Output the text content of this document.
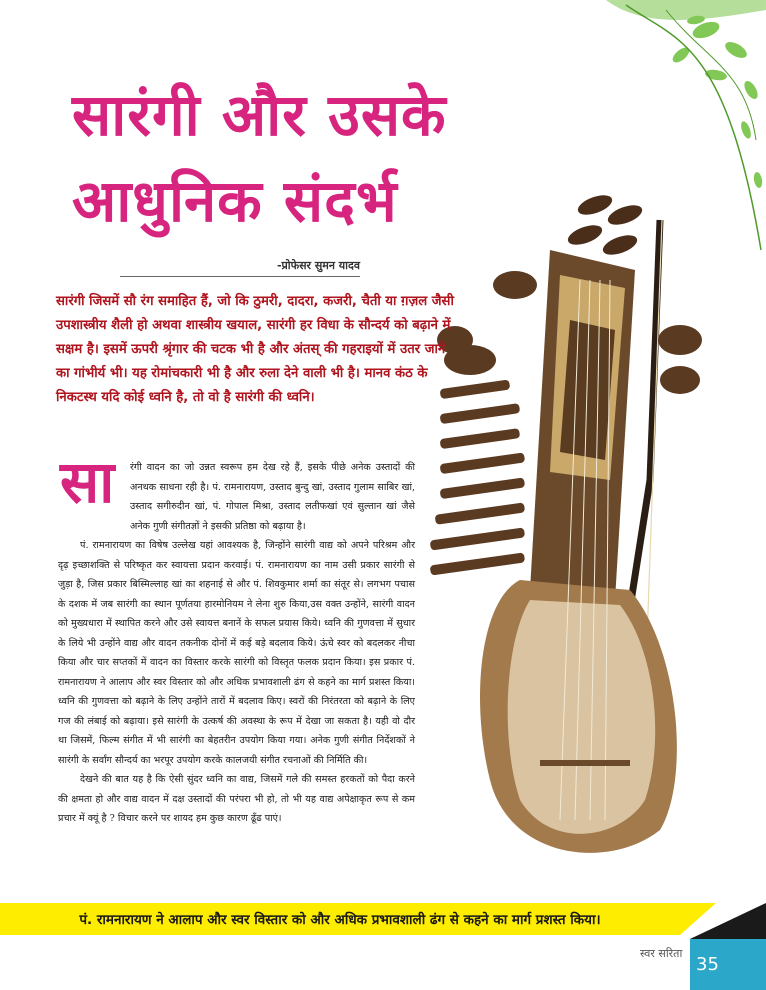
सारंगी और उसके
आधुनिक संदर्भ
-प्रोफेसर सुमन यादव
सारंगी जिसमें सौ रंग समाहित हैं, जो कि ठुमरी, दादरा, कजरी, चैती या ग़ज़ल जैसी उपशास्त्रीय शैली हो अथवा शास्त्रीय खयाल, सारंगी हर विधा के सौन्दर्य को बढ़ाने में सक्षम है। इसमें ऊपरी श्रृंगार की चटक भी है और अंतस् की गहराइयों में उतर जाने का गांभीर्य भी। यह रोमांचकारी भी है और रुला देने वाली भी है। मानव कंठ के निकटस्थ यदि कोई ध्वनि है, तो वो है सारंगी की ध्वनि।
सा रंगी वादन का जो उन्नत स्वरूप हम देख रहे हैं, इसके पीछे अनेक उस्तादों की अनथक साधना रही है। पं. रामनारायण, उस्ताद बुन्दु खां, उस्ताद गुलाम साबिर खां, उस्ताद सगीरुदीन खां, पं. गोपाल मिश्रा, उस्ताद लतीफखां एवं सुल्तान खां जैसे अनेक गुणी संगीतज्ञों ने इसकी प्रतिष्ठा को बढ़ाया है।

पं. रामनारायण का विषेष उल्लेख यहां आवश्यक है, जिन्होंने सारंगी वाद्य को अपने परिश्रम और दृढ़ इच्छाशक्ति से परिष्कृत कर स्वायत्ता प्रदान करवाई। पं. रामनारायण का नाम उसी प्रकार सारंगी से जुड़ा है, जिस प्रकार बिस्मिल्लाह खां का शहनाई से और पं. शिवकुमार शर्मा का संतूर से। लगभग पचास के दशक में जब सारंगी का स्थान पूर्णतया हारमोनियम ने लेना शुरु किया,उस वक्त उन्होंने, सारंगी वादन को मुख्यधारा में स्थापित करने और उसे स्वायत्त बनानें के सफल प्रयास किये। ध्वनि की गुणवत्ता में सुधार के लिये भी उन्होंने वाद्य और वादन तकनीक दोनों में कई बड़े बदलाव किये। ऊंचे स्वर को बदलकर नीचा किया और चार सप्तकों में वादन का विस्तार करके सारंगी को विस्तृत फलक प्रदान किया। इस प्रकार पं. रामनारायण ने आलाप और स्वर विस्तार को और अधिक प्रभावशाली ढंग से कहने का मार्ग प्रशस्त किया। ध्वनि की गुणवत्ता को बढ़ाने के लिए उन्होंने तारों में बदलाव किए। स्वरों की निरंतरता को बढ़ाने के लिए गज की लंबाई को बढ़ाया। इसे सारंगी के उत्कर्ष की अवस्था के रूप में देखा जा सकता है। यही वो दौर था जिसमें, फिल्म संगीत में भी सारंगी का बेहतरीन उपयोग किया गया। अनेक गुणी संगीत निर्देशकों ने सारंगी के सर्वांग सौन्दर्य का भरपूर उपयोग करके कालजयी संगीत रचनाओं की निर्मिति की।

देखने की बात यह है कि ऐसी सुंदर ध्वनि का वाद्य, जिसमें गले की समस्त हरकतों को पैदा करने की क्षमता हो और वाद्य वादन में दक्ष उस्तादों की परंपरा भी हो, तो भी यह वाद्य अपेक्षाकृत रूप से कम प्रचार में क्यूं है ? विचार करने पर शायद हम कुछ कारण ढूँढ पाएं।

पं. रामनारायण ने आलाप और स्वर विस्तार को और अधिक प्रभावशाली ढंग से कहने का मार्ग प्रशस्त किया।
स्वर सरिता
35
